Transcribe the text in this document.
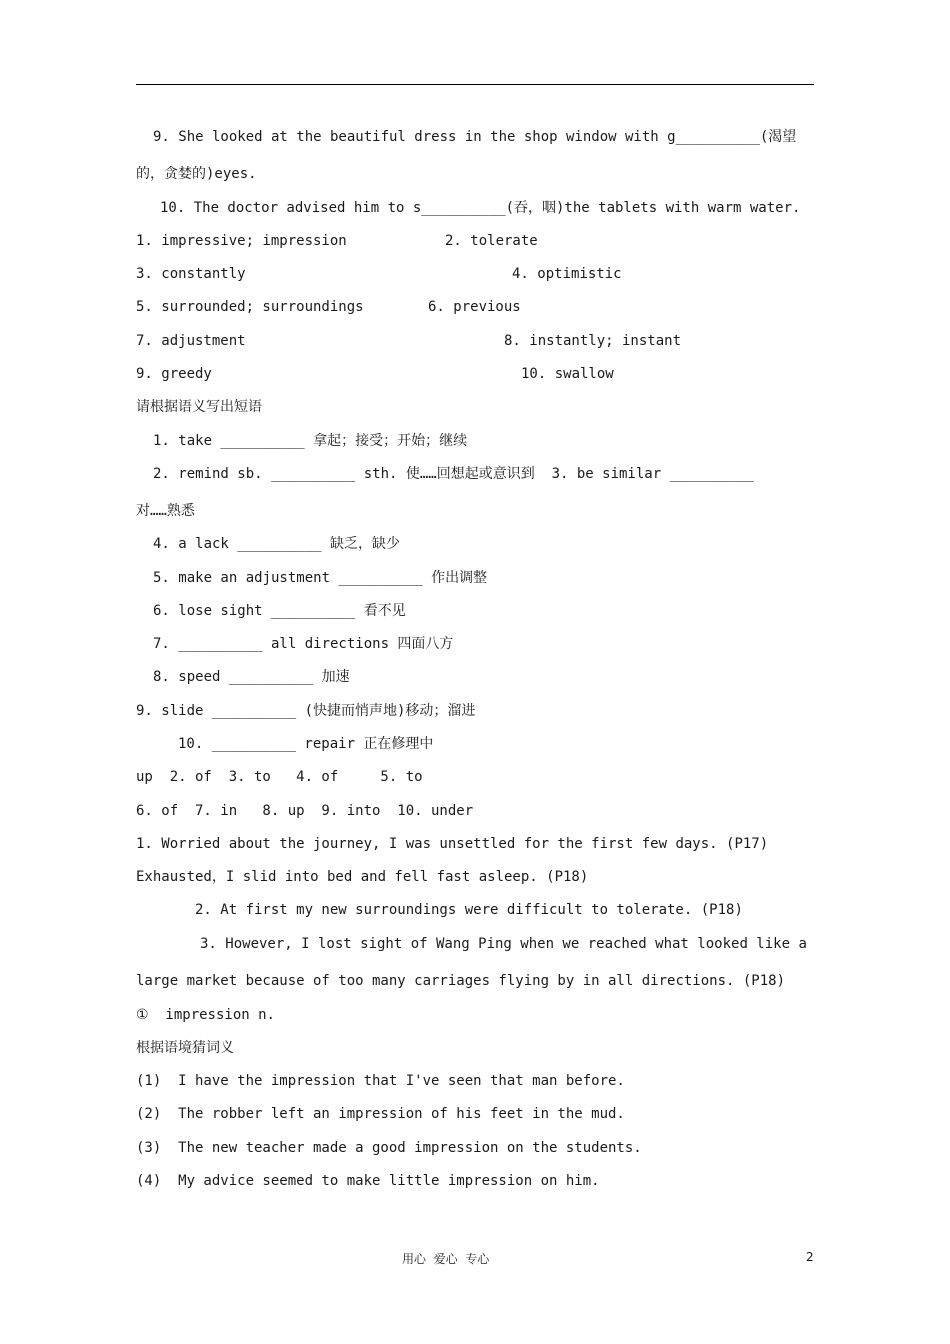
9. She looked at the beautiful dress in the shop window with g__________(渴望
的，贪婪的)eyes.
10. The doctor advised him to s__________(吞，咽)the tablets with warm water.
1. impressive; impression	2. tolerate
3. constantly	4. optimistic
5. surrounded; surroundings	6. previous
7. adjustment	8. instantly; instant
9. greedy	10. swallow
请根据语义写出短语
1. take __________ 拿起；接受；开始；继续
2. remind sb. __________ sth. 使……回想起或意识到  3. be similar __________
对……熟悉
4. a lack __________ 缺乏，缺少
5. make an adjustment __________ 作出调整
6. lose sight __________ 看不见
7. __________ all directions 四面八方
8. speed __________ 加速
9. slide __________ (快捷而悄声地)移动；溜进
10. __________ repair 正在修理中
up  2. of  3. to   4. of     5. to
6. of  7. in   8. up  9. into  10. under
1. Worried about the journey, I was unsettled for the first few days. (P17)
Exhausted，I slid into bed and fell fast asleep. (P18)
2. At first my new surroundings were difficult to tolerate. (P18)
3. However, I lost sight of Wang Ping when we reached what looked like a
large market because of too many carriages flying by in all directions. (P18)
①  impression n.
根据语境猜词义
(1)  I have the impression that I've seen that man before.
(2)  The robber left an impression of his feet in the mud.
(3)  The new teacher made a good impression on the students.
(4)  My advice seemed to make little impression on him.
用心  爱心  专心	2
